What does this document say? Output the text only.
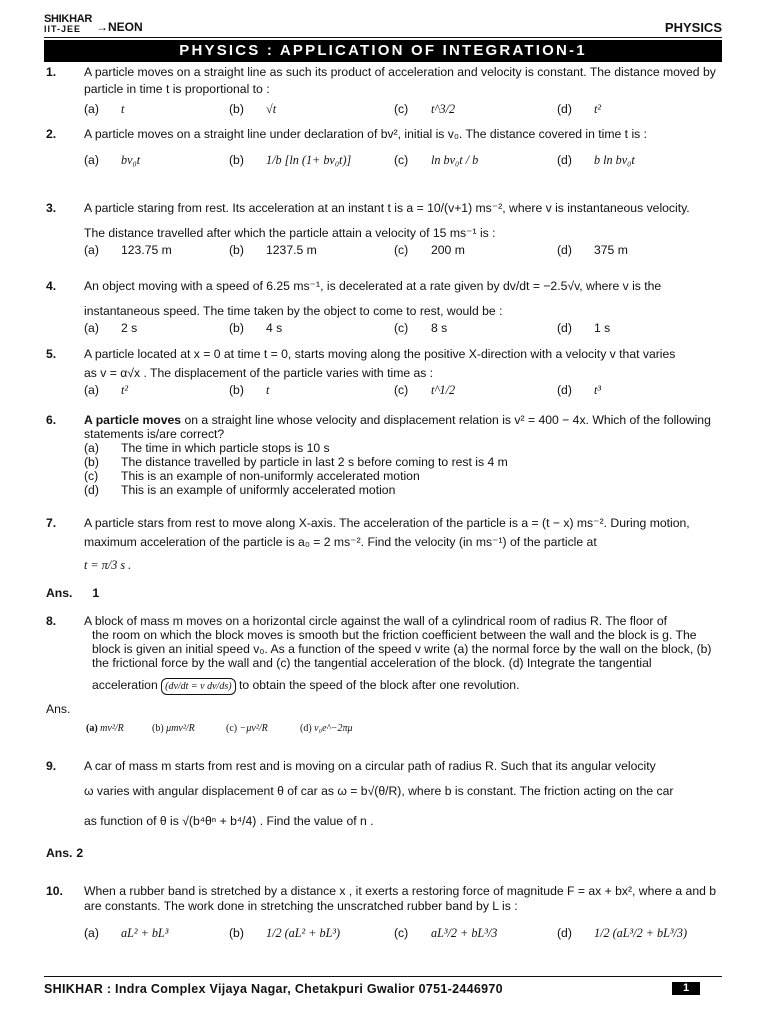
SHIKHAR
IIT-JEE	→NEON	PHYSICS
PHYSICS : APPLICATION OF INTEGRATION-1
1. A particle moves on a straight line as such its product of acceleration and velocity is constant. The distance moved by particle in time t is proportional to :
(a) t	(b) √t	(c) t^3/2	(d) t²
2. A particle moves on a straight line under declaration of bv², initial is v₀. The distance covered in time t is :
(a) bv₀t	(b) 1/b [ln (1+ bv₀t)]	(c) ln bv₀t / b	(d) b ln bv₀t
3. A particle staring from rest. Its acceleration at an instant t is a = 10/(v+1) ms⁻², where v is instantaneous velocity.
The distance travelled after which the particle attain a velocity of 15 ms⁻¹ is :
(a) 123.75 m	(b) 1237.5 m	(c) 200 m	(d) 375 m
4. An object moving with a speed of 6.25 ms⁻¹, is decelerated at a rate given by dv/dt = −2.5√v, where v is the
instantaneous speed. The time taken by the object to come to rest, would be :
(a) 2 s	(b) 4 s	(c) 8 s	(d) 1 s
5. A particle located at x = 0 at time t = 0, starts moving along the positive X-direction with a velocity v that varies
as v = α√x . The displacement of the particle varies with time as :
(a) t²	(b) t	(c) t^1/2	(d) t³
6. A particle moves on a straight line whose velocity and displacement relation is v² = 400 − 4x. Which of the following statements is/are correct?
(a) The time in which particle stops is 10 s
(b) The distance travelled by particle in last 2 s before coming to rest is 4 m
(c) This is an example of non-uniformly accelerated motion
(d) This is an example of uniformly accelerated motion
7. A particle stars from rest to move along X-axis. The acceleration of the particle is a = (t − x) ms⁻². During motion, maximum acceleration of the particle is a₀ = 2 ms⁻². Find the velocity (in ms⁻¹) of the particle at
t = π/3 s .
Ans. 1
8. A block of mass m moves on a horizontal circle against the wall of a cylindrical room of radius R. The floor of
the room on which the block moves is smooth but the friction coefficient between the wall and the block is g. The block is given an initial speed v₀. As a function of the speed v write (a) the normal force by the wall on the block, (b) the frictional force by the wall and (c) the tangential acceleration of the block. (d) Integrate the tangential
acceleration (dv/dt = v dv/ds) to obtain the speed of the block after one revolution.
Ans.
(a) mv²/R	(b) μmv²/R	(c) −μv²/R	(d) v₀e^−2πμ
9. A car of mass m starts from rest and is moving on a circular path of radius R. Such that its angular velocity
ω varies with angular displacement θ of car as ω = b√(θ/R), where b is constant. The friction acting on the car
as function of θ is √(b⁴θⁿ + b⁴/4) . Find the value of n .
Ans. 2
10. When a rubber band is stretched by a distance x , it exerts a restoring force of magnitude F = ax + bx², where a and b are constants. The work done in stretching the unscratched rubber band by L is :
(a) aL² + bL³	(b) 1/2 (aL² + bL³)	(c) aL³/2 + bL³/3	(d) 1/2 (aL³/2 + bL³/3)
SHIKHAR : Indra Complex Vijaya Nagar, Chetakpuri Gwalior 0751-2446970	1
